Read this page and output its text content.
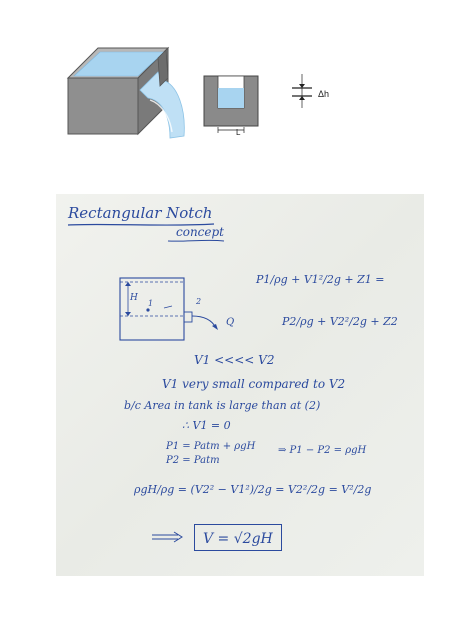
Δh
L
Rectangular Notch
concept
H
1	2
Q
P1/ρg + V1²/2g + Z1 =
P2/ρg + V2²/2g + Z2
V1 <<<< V2
V1 very small compared to V2
b/c Area in tank is large than at (2)
∴ V1 = 0
P1 = Patm + ρgH
P2 = Patm
⇒ P1 − P2 = ρgH
ρgH/ρg = (V2² − V1²)/2g = V2²/2g = V²/2g
V = √2gH
